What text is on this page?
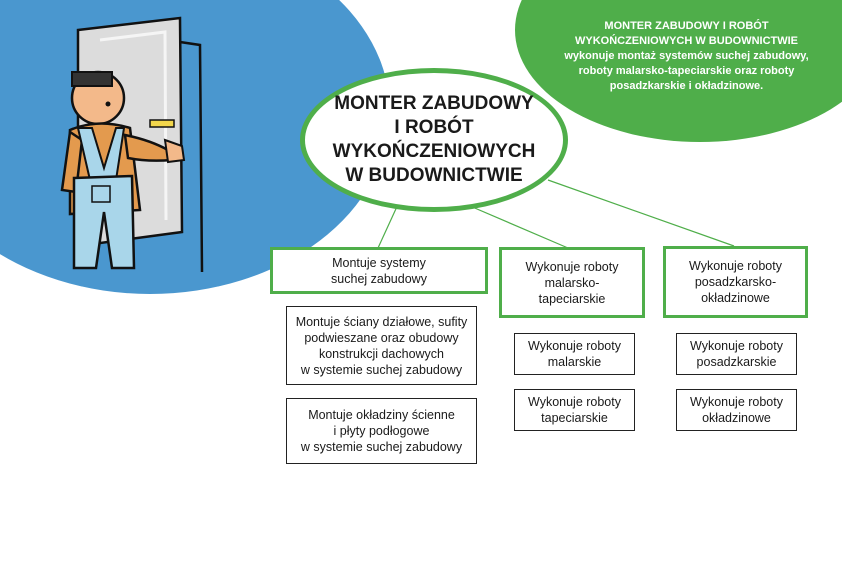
MONTER ZABUDOWY I ROBÓT WYKOŃCZENIOWYCH W BUDOWNICTWIE wykonuje montaż systemów suchej zabudowy, roboty malarsko-tapeciarskie oraz roboty posadzkarskie i okładzinowe.
MONTER ZABUDOWY
I ROBÓT
WYKOŃCZENIOWYCH
W BUDOWNICTWIE
Montuje systemy
suchej zabudowy
Montuje ściany działowe, sufity
podwieszane oraz obudowy
konstrukcji dachowych
w systemie suchej zabudowy
Montuje okładziny ścienne
i płyty podłogowe
w systemie suchej zabudowy
Wykonuje roboty
malarsko-
tapeciarskie
Wykonuje roboty
malarskie
Wykonuje roboty
tapeciarskie
Wykonuje roboty
posadzkarsko-
okładzinowe
Wykonuje roboty
posadzkarskie
Wykonuje roboty
okładzinowe
